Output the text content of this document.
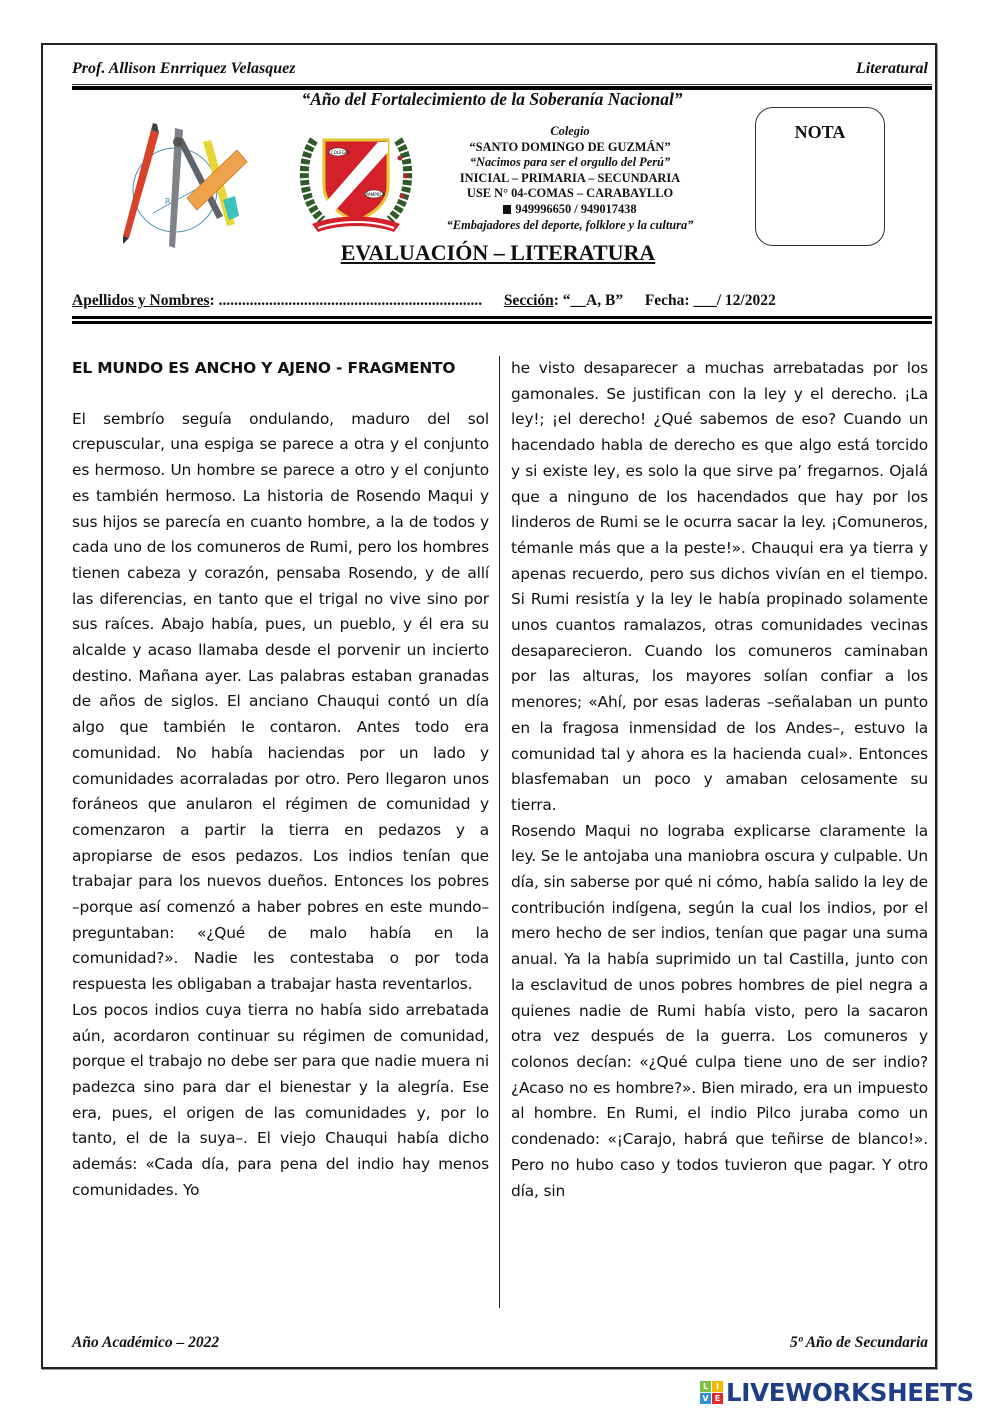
Prof. Allison Enrriquez Velasquez	Literatural
“Año del Fortalecimiento de la Soberanía Nacional”
R
COLEGIO
PAMPILLA
Colegio
“SANTO DOMINGO DE GUZMÁN”
“Nacimos para ser el orgullo del Perú”
INICIAL – PRIMARIA – SECUNDARIA
USE N° 04-COMAS – CARABAYLLO
949996650 / 949017438
“Embajadores del deporte, folklore y la cultura”
NOTA
EVALUACIÓN – LITERATURA
Apellidos y Nombres: .................................................................... Sección: “__A, B” Fecha: ___/ 12/2022

EL MUNDO ES ANCHO Y AJENO - FRAGMENTO

El sembrío seguía ondulando, maduro del sol crepuscular, una espiga se parece a otra y el conjunto es hermoso. Un hombre se parece a otro y el conjunto es también hermoso. La historia de Rosendo Maqui y sus hijos se parecía en cuanto hombre, a la de todos y cada uno de los comuneros de Rumi, pero los hombres tienen cabeza y corazón, pensaba Rosendo, y de allí las diferencias, en tanto que el trigal no vive sino por sus raíces. Abajo había, pues, un pueblo, y él era su alcalde y acaso llamaba desde el porvenir un incierto destino. Mañana ayer. Las palabras estaban granadas de años de siglos. El anciano Chauqui contó un día algo que también le contaron. Antes todo era comunidad. No había haciendas por un lado y comunidades acorraladas por otro. Pero llegaron unos foráneos que anularon el régimen de comunidad y comenzaron a partir la tierra en pedazos y a apropiarse de esos pedazos. Los indios tenían que trabajar para los nuevos dueños. Entonces los pobres –porque así comenzó a haber pobres en este mundo– preguntaban: «¿Qué de malo había en la comunidad?». Nadie les contestaba o por toda respuesta les obligaban a trabajar hasta reventarlos.

Los pocos indios cuya tierra no había sido arrebatada aún, acordaron continuar su régimen de comunidad, porque el trabajo no debe ser para que nadie muera ni padezca sino para dar el bienestar y la alegría. Ese era, pues, el origen de las comunidades y, por lo tanto, el de la suya–. El viejo Chauqui había dicho además: «Cada día, para pena del indio hay menos comunidades. Yo

he visto desaparecer a muchas arrebatadas por los gamonales. Se justifican con la ley y el derecho. ¡La ley!; ¡el derecho! ¿Qué sabemos de eso? Cuando un hacendado habla de derecho es que algo está torcido y si existe ley, es solo la que sirve pa’ fregarnos. Ojalá que a ninguno de los hacendados que hay por los linderos de Rumi se le ocurra sacar la ley. ¡Comuneros, témanle más que a la peste!». Chauqui era ya tierra y apenas recuerdo, pero sus dichos vivían en el tiempo. Si Rumi resistía y la ley le había propinado solamente unos cuantos ramalazos, otras comunidades vecinas desaparecieron. Cuando los comuneros caminaban por las alturas, los mayores solían confiar a los menores; «Ahí, por esas laderas –señalaban un punto en la fragosa inmensidad de los Andes–, estuvo la comunidad tal y ahora es la hacienda cual». Entonces blasfemaban un poco y amaban celosamente su tierra.

Rosendo Maqui no lograba explicarse claramente la ley. Se le antojaba una maniobra oscura y culpable. Un día, sin saberse por qué ni cómo, había salido la ley de contribución indígena, según la cual los indios, por el mero hecho de ser indios, tenían que pagar una suma anual. Ya la había suprimido un tal Castilla, junto con la esclavitud de unos pobres hombres de piel negra a quienes nadie de Rumi había visto, pero la sacaron otra vez después de la guerra. Los comuneros y colonos decían: «¿Qué culpa tiene uno de ser indio? ¿Acaso no es hombre?». Bien mirado, era un impuesto al hombre. En Rumi, el indio Pilco juraba como un condenado: «¡Carajo, habrá que teñirse de blanco!». Pero no hubo caso y todos tuvieron que pagar. Y otro día, sin

Año Académico – 2022	5º Año de Secundaria
L I
V E LIVEWORKSHEETS
